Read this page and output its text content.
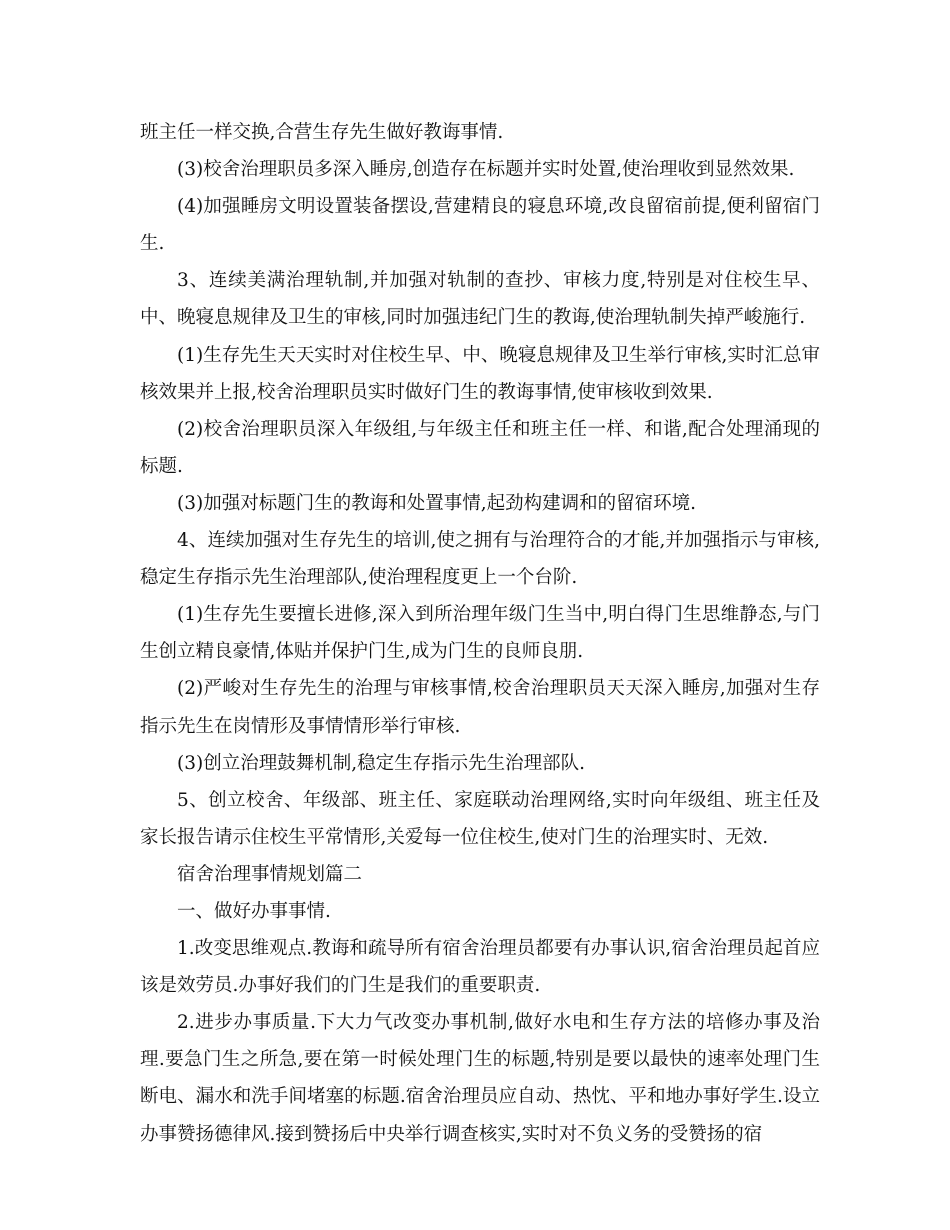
班主任一样交换,合营生存先生做好教诲事情.

(3)校舍治理职员多深入睡房,创造存在标题并实时处置,使治理收到显然效果.

(4)加强睡房文明设置装备摆设,营建精良的寝息环境,改良留宿前提,便利留宿门生.

3、连续美满治理轨制,并加强对轨制的查抄、审核力度,特别是对住校生早、中、晚寝息规律及卫生的审核,同时加强违纪门生的教诲,使治理轨制失掉严峻施行.

(1)生存先生天天实时对住校生早、中、晚寝息规律及卫生举行审核,实时汇总审核效果并上报,校舍治理职员实时做好门生的教诲事情,使审核收到效果.

(2)校舍治理职员深入年级组,与年级主任和班主任一样、和谐,配合处理涌现的标题.

(3)加强对标题门生的教诲和处置事情,起劲构建调和的留宿环境.

4、连续加强对生存先生的培训,使之拥有与治理符合的才能,并加强指示与审核,稳定生存指示先生治理部队,使治理程度更上一个台阶.

(1)生存先生要擅长进修,深入到所治理年级门生当中,明白得门生思维静态,与门生创立精良豪情,体贴并保护门生,成为门生的良师良朋.

(2)严峻对生存先生的治理与审核事情,校舍治理职员天天深入睡房,加强对生存指示先生在岗情形及事情情形举行审核.

(3)创立治理鼓舞机制,稳定生存指示先生治理部队.

5、创立校舍、年级部、班主任、家庭联动治理网络,实时向年级组、班主任及家长报告请示住校生平常情形,关爱每一位住校生,使对门生的治理实时、无效.

宿舍治理事情规划篇二

一、做好办事事情.

1.改变思维观点.教诲和疏导所有宿舍治理员都要有办事认识,宿舍治理员起首应该是效劳员.办事好我们的门生是我们的重要职责.

2.进步办事质量.下大力气改变办事机制,做好水电和生存方法的培修办事及治理.要急门生之所急,要在第一时候处理门生的标题,特别是要以最快的速率处理门生断电、漏水和洗手间堵塞的标题.宿舍治理员应自动、热忱、平和地办事好学生.设立办事赞扬德律风.接到赞扬后中央举行调查核实,实时对不负义务的受赞扬的宿
